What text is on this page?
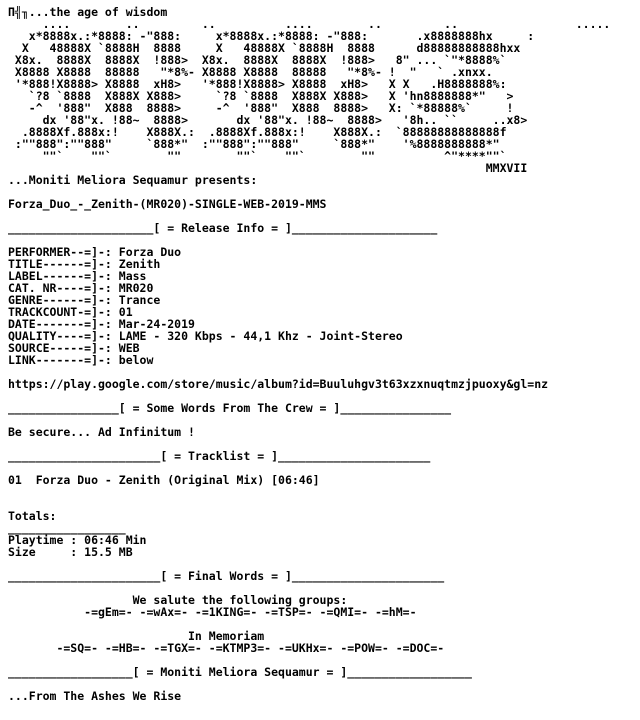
Π╣╖...the age of wisdom
....        ..         ..          ....        ..         ..                 .....
x*8888x.:*8888: -"888:     x*8888x.:*8888: -"888:       .x8888888hx     :
X   48888X `8888H  8888     X   48888X `8888H  8888      d88888888888hxx
X8x.  8888X  8888X  !888>  X8x.  8888X  8888X  !888>   8" ... `"*8888%`
X8888 X8888  88888   "*8%- X8888 X8888  88888   "*8%- !  "   ` .xnxx.
'*888!X8888> X8888  xH8>   '*888!X8888> X8888  xH8>   X X   .H8888888%:
`?8 `8888  X888X X888>     `?8 `8888  X888X X888>   X 'hn8888888*"   >
-^  '888"  X888  8888>     -^  '888"  X888  8888>   X: `*88888%`     !
dx '88"x. !88~  8888>       dx '88"x. !88~  8888>   '8h.. ``     ..x8>
.8888Xf.888x:!    X888X.:  .8888Xf.888x:!    X888X.:  `88888888888888f
:""888":""888"     `888*"  :""888":""888"     `888*"    '%8888888888*"
""`    ""`        ""        ""`    ""`        ""          ^"****""`
MMXVII
...Moniti Meliora Sequamur presents:
Forza_Duo_-_Zenith-(MR020)-SINGLE-WEB-2019-MMS
_____________________[ = Release Info = ]_____________________
PERFORMER--=]-: Forza Duo
TITLE------=]-: Zenith
LABEL------=]-: Mass
CAT. NR----=]-: MR020
GENRE------=]-: Trance
TRACKCOUNT-=]-: 01
DATE-------=]-: Mar-24-2019
QUALITY----=]-: LAME - 320 Kbps - 44,1 Khz - Joint-Stereo
SOURCE-----=]-: WEB
LINK-------=]-: below
https://play.google.com/store/music/album?id=Buuluhgv3t63xzxnuqtmzjpuoxy&gl=nz
________________[ = Some Words From The Crew = ]________________
Be secure... Ad Infinitum !
______________________[ = Tracklist = ]______________________
01  Forza Duo - Zenith (Original Mix) [06:46]
Totals:
_________________
Playtime : 06:46 Min
Size     : 15.5 MB
______________________[ = Final Words = ]______________________
We salute the following groups:
-=gEm=- -=wAx=- -=1KING=- -=TSP=- -=QMI=- -=hM=-
In Memoriam
-=SQ=- -=HB=- -=TGX=- -=KTMP3=- -=UKHx=- -=POW=- -=DOC=-
__________________[ = Moniti Meliora Sequamur = ]__________________
...From The Ashes We Rise
